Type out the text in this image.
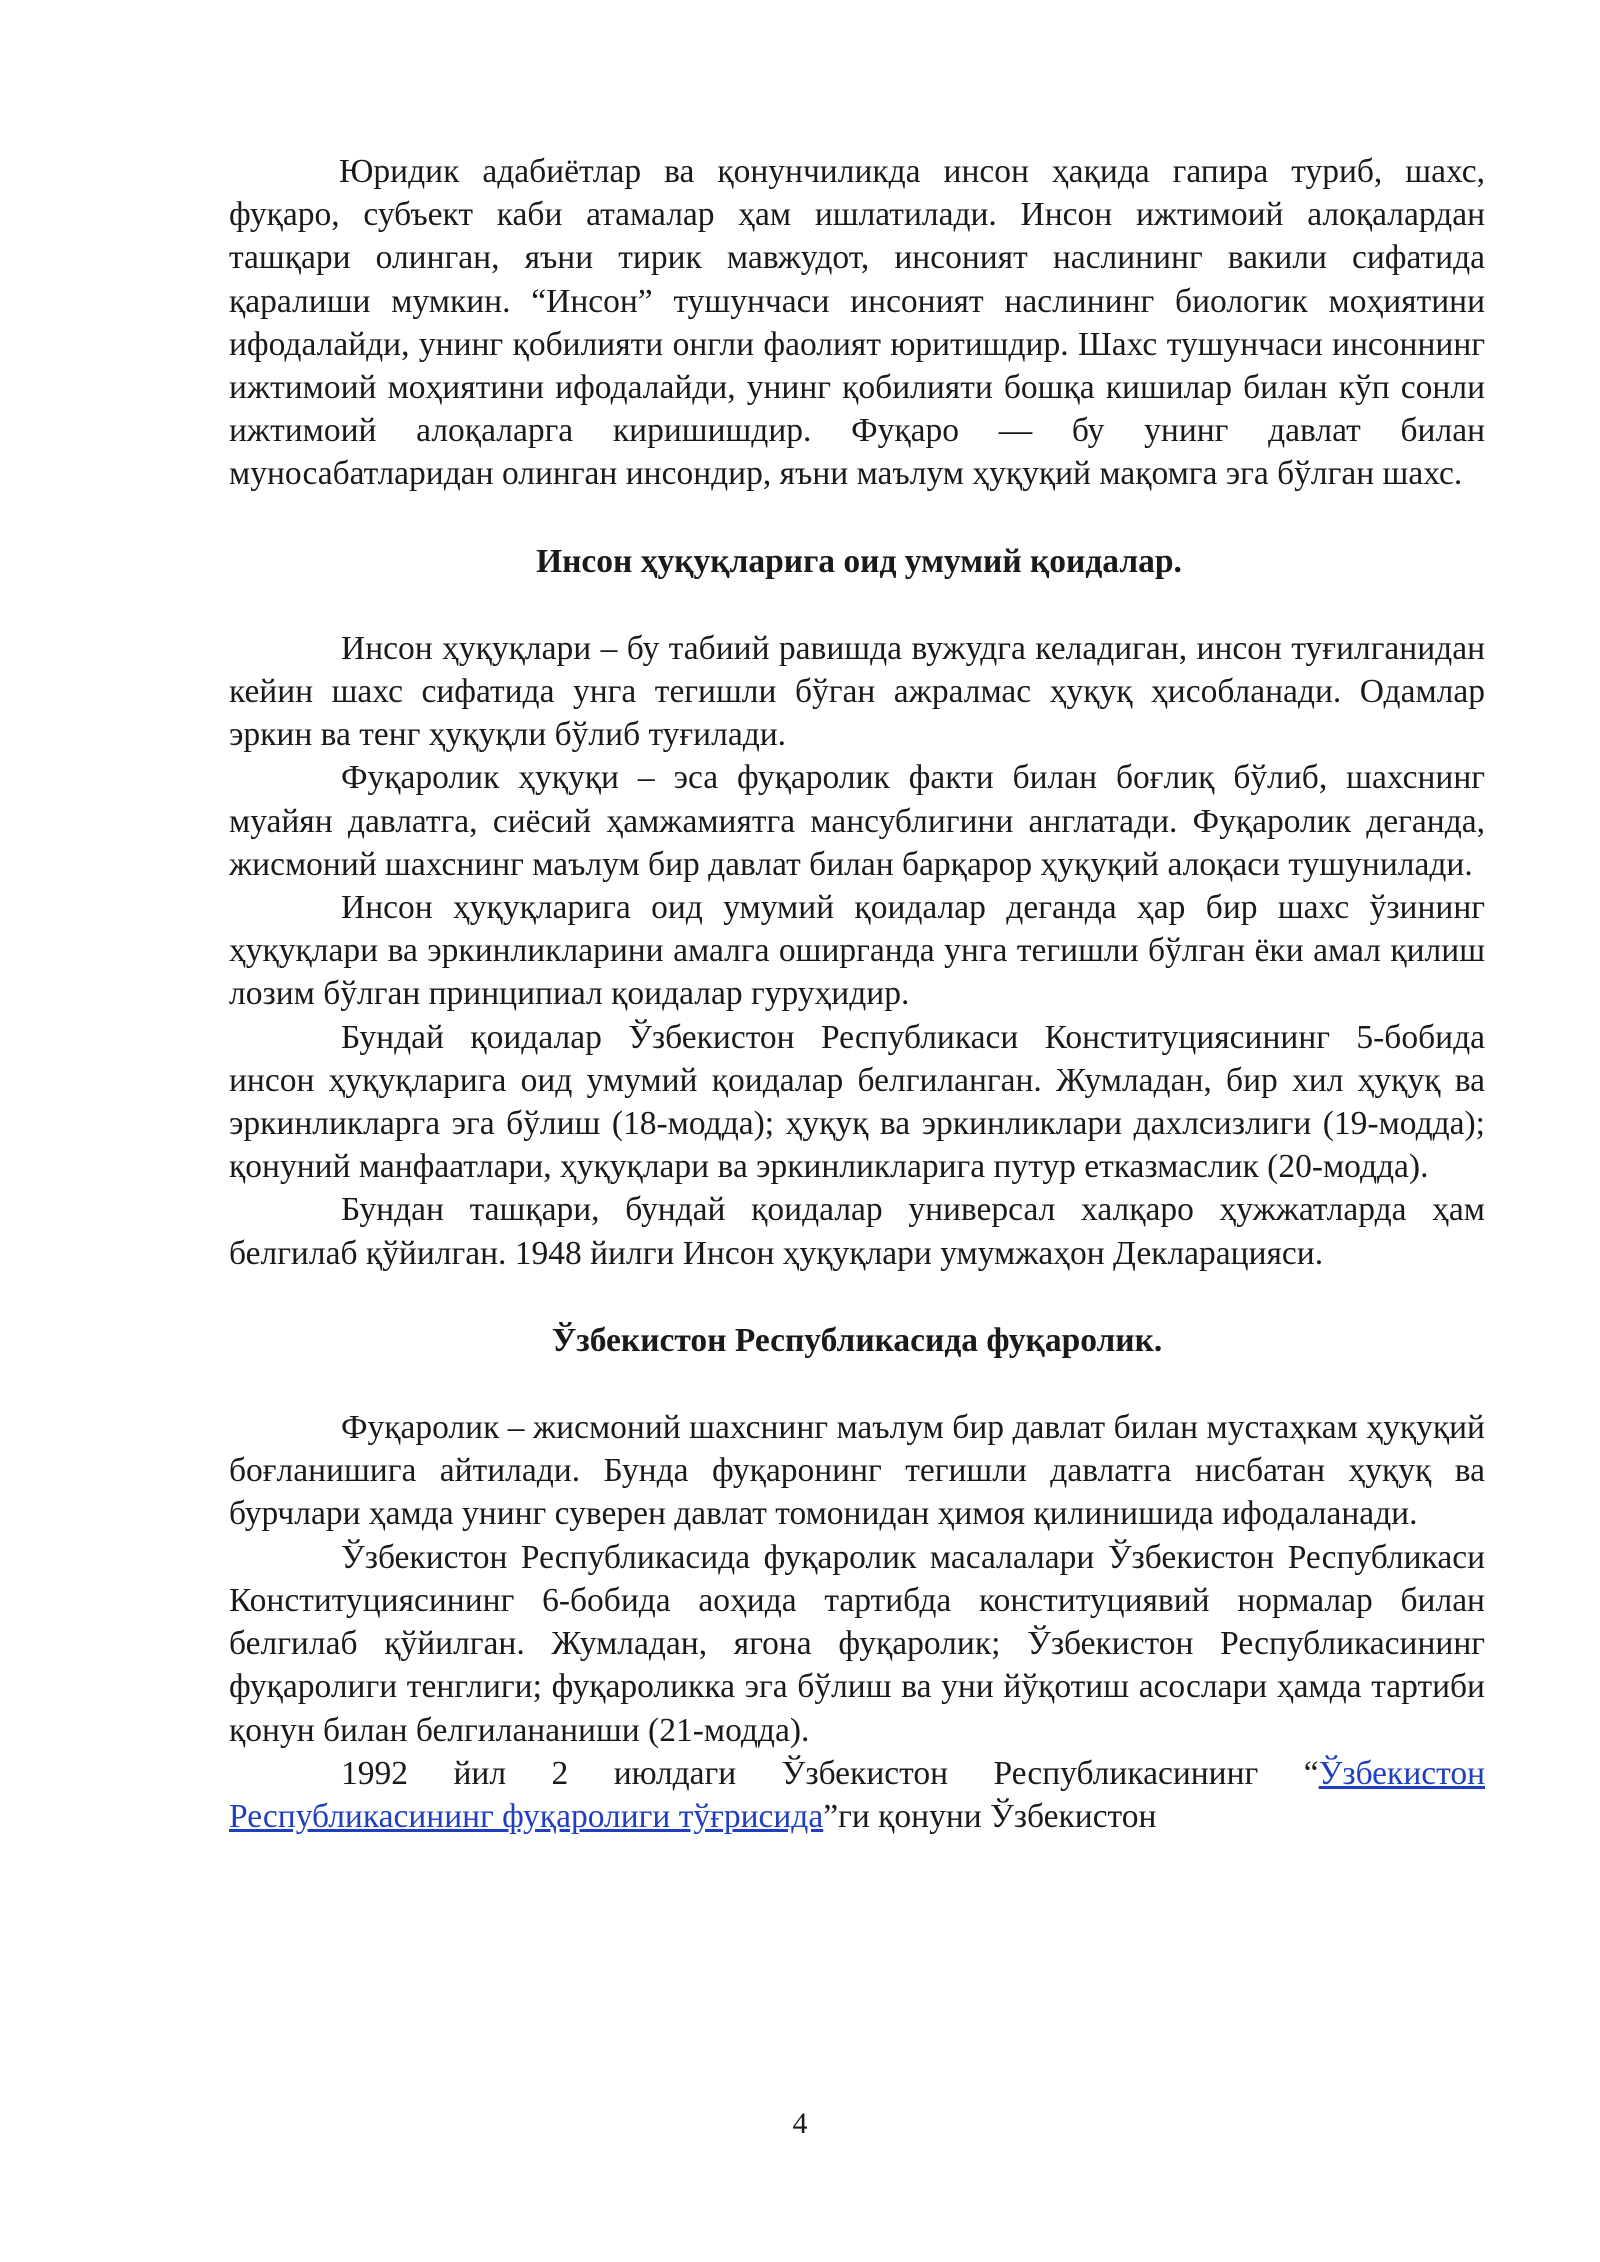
Юридик адабиётлар ва қонунчиликда инсон ҳақида гапира туриб, шахс, фуқаро, субъект каби атамалар ҳам ишлатилади. Инсон ижтимоий алоқалардан ташқари олинган, яъни тирик мавжудот, инсоният наслининг вакили сифатида қаралиши мумкин. “Инсон” тушунчаси инсоният наслининг биологик моҳиятини ифодалайди, унинг қобилияти онгли фаолият юритишдир. Шахс тушунчаси инсоннинг ижтимоий моҳиятини ифодалайди, унинг қобилияти бошқа кишилар билан кўп сонли ижтимоий алоқаларга киришишдир. Фуқаро — бу унинг давлат билан муносабатларидан олинган инсондир, яъни маълум ҳуқуқий мақомга эга бўлган шахс.

Инсон ҳуқуқларига оид умумий қоидалар.

Инсон ҳуқуқлари – бу табиий равишда вужудга келадиган, инсон туғилганидан кейин шахс сифатида унга тегишли бўган ажралмас ҳуқуқ ҳисобланади. Одамлар эркин ва тенг ҳуқуқли бўлиб туғилади.

Фуқаролик ҳуқуқи – эса фуқаролик факти билан боғлиқ бўлиб, шахснинг муайян давлатга, сиёсий ҳамжамиятга мансублигини англатади. Фуқаролик деганда, жисмоний шахснинг маълум бир давлат билан барқарор ҳуқуқий алоқаси тушунилади.

Инсон ҳуқуқларига оид умумий қоидалар деганда ҳар бир шахс ўзининг ҳуқуқлари ва эркинликларини амалга оширганда унга тегишли бўлган ёки амал қилиш лозим бўлган принципиал қоидалар гуруҳидир.

Бундай қоидалар Ўзбекистон Республикаси Конституциясининг 5-бобида инсон ҳуқуқларига оид умумий қоидалар белгиланган. Жумладан, бир хил ҳуқуқ ва эркинликларга эга бўлиш (18-модда); ҳуқуқ ва эркинликлари дахлсизлиги (19-модда); қонуний манфаатлари, ҳуқуқлари ва эркинликларига путур етказмаслик (20-модда).

Бундан ташқари, бундай қоидалар универсал халқаро ҳужжатларда ҳам белгилаб қўйилган. 1948 йилги Инсон ҳуқуқлари умумжаҳон Декларацияси.

Ўзбекистон Республикасида фуқаролик.

Фуқаролик – жисмоний шахснинг маълум бир давлат билан мустаҳкам ҳуқуқий боғланишига айтилади. Бунда фуқаронинг тегишли давлатга нисбатан ҳуқуқ ва бурчлари ҳамда унинг суверен давлат томонидан ҳимоя қилинишида ифодаланади.

Ўзбекистон Республикасида фуқаролик масалалари Ўзбекистон Республикаси Конституциясининг 6-бобида аоҳида тартибда конституциявий нормалар билан белгилаб қўйилган. Жумладан, ягона фуқаролик; Ўзбекистон Республикасининг фуқаролиги тенглиги; фуқароликка эга бўлиш ва уни йўқотиш асослари ҳамда тартиби қонун билан белгилананиши (21-модда).

1992 йил 2 июлдаги Ўзбекистон Республикасининг “Ўзбекистон Республикасининг фуқаролиги тўғрисида”ги қонуни Ўзбекистон

4
